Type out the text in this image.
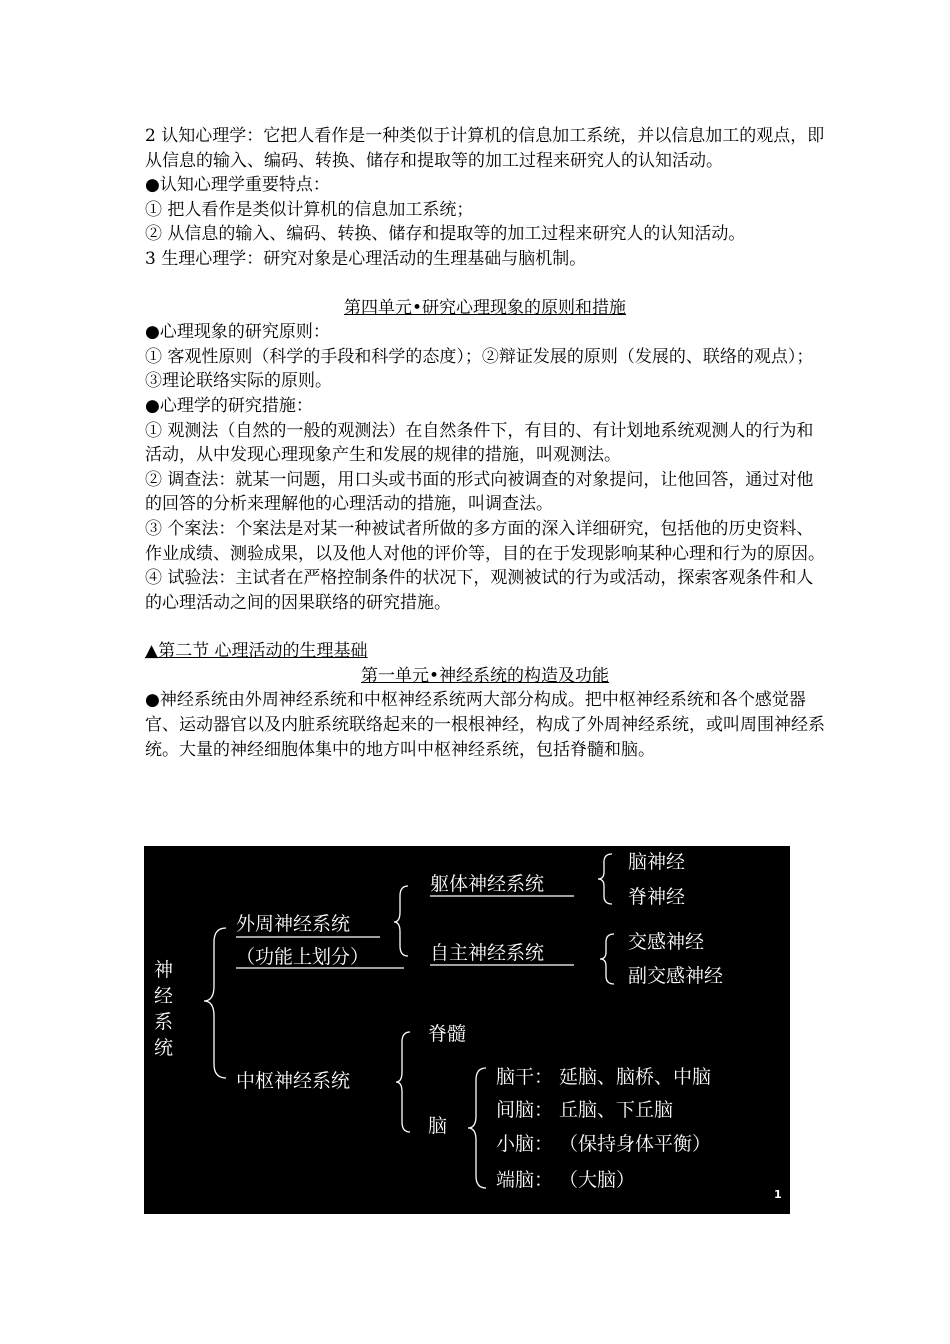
2 认知心理学：它把人看作是一种类似于计算机的信息加工系统，并以信息加工的观点，即从信息的输入、编码、转换、储存和提取等的加工过程来研究人的认知活动。

●认知心理学重要特点：

① 把人看作是类似计算机的信息加工系统；

② 从信息的输入、编码、转换、储存和提取等的加工过程来研究人的认知活动。

3 生理心理学：研究对象是心理活动的生理基础与脑机制。

第四单元•研究心理现象的原则和措施

●心理现象的研究原则：

① 客观性原则（科学的手段和科学的态度）；②辩证发展的原则（发展的、联络的观点）；③理论联络实际的原则。

●心理学的研究措施：

① 观测法（自然的一般的观测法）在自然条件下，有目的、有计划地系统观测人的行为和活动，从中发现心理现象产生和发展的规律的措施，叫观测法。

② 调查法：就某一问题，用口头或书面的形式向被调查的对象提问，让他回答，通过对他的回答的分析来理解他的心理活动的措施，叫调查法。

③ 个案法：个案法是对某一种被试者所做的多方面的深入详细研究，包括他的历史资料、作业成绩、测验成果，以及他人对他的评价等，目的在于发现影响某种心理和行为的原因。

④ 试验法：主试者在严格控制条件的状况下，观测被试的行为或活动，探索客观条件和人的心理活动之间的因果联络的研究措施。

▲第二节 心理活动的生理基础

第一单元•神经系统的构造及功能

●神经系统由外周神经系统和中枢神经系统两大部分构成。把中枢神经系统和各个感觉器官、运动器官以及内脏系统联络起来的一根根神经，构成了外周神经系统，或叫周围神经系统。大量的神经细胞体集中的地方叫中枢神经系统，包括脊髓和脑。

神
经
系
统
外周神经系统
（功能上划分）
躯体神经系统
自主神经系统
脑神经
脊神经
交感神经
副交感神经
中枢神经系统
脊髓
脑
脑干： 延脑、脑桥、中脑
间脑： 丘脑、下丘脑
小脑： （保持身体平衡）
端脑： （大脑）
1
